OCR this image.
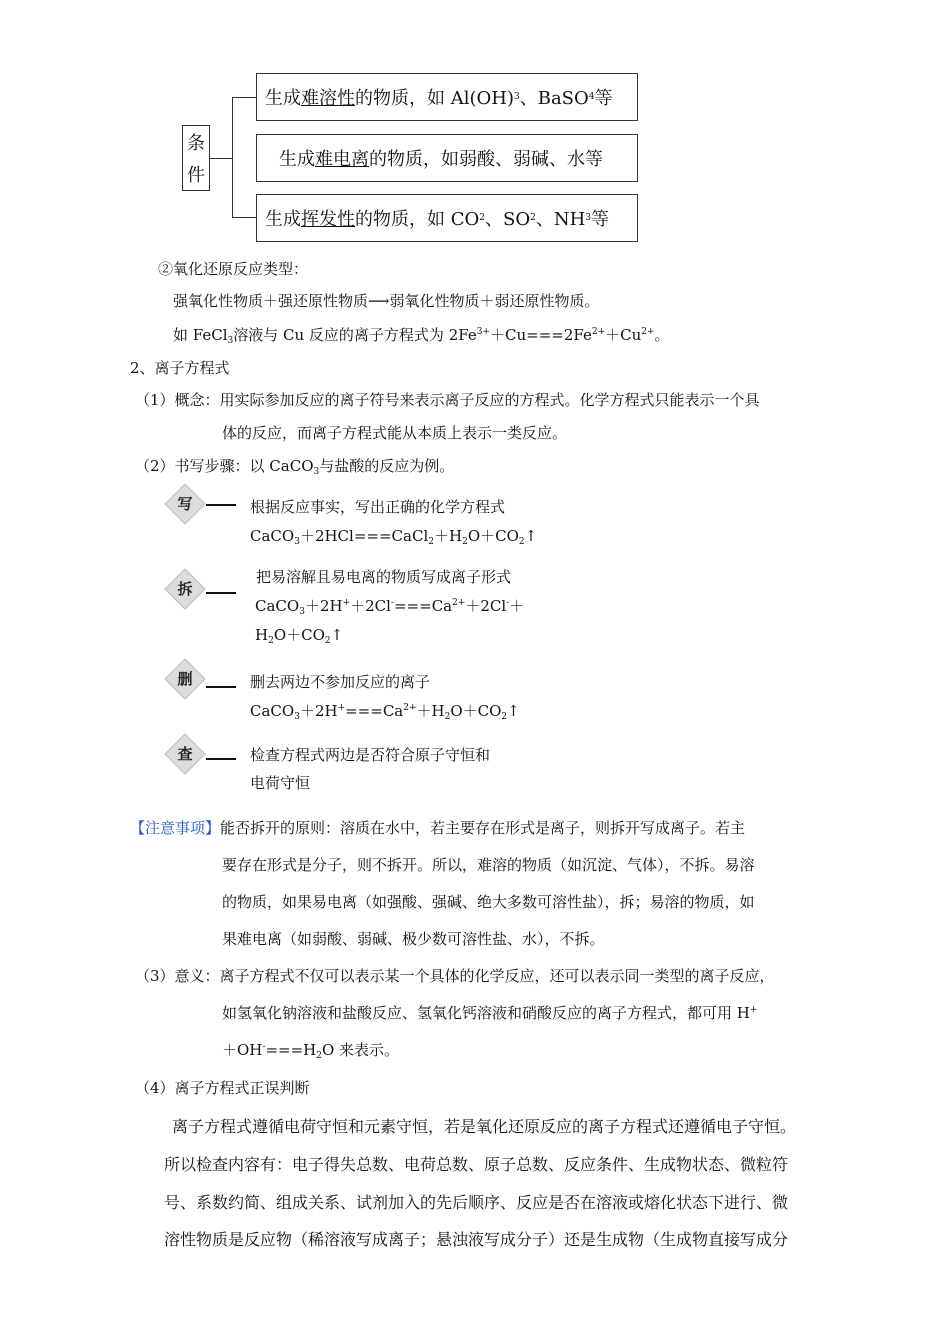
条
件
生成 难溶性 的物质，如 Al(OH) 3 、BaSO 4 等
生成 难电离 的物质，如弱酸、弱碱、水等
生成 挥发性 的物质，如 CO 2 、SO 2 、NH 3 等
②氧化还原反应类型：
强氧化性物质＋强还原性物质⟶弱氧化性物质＋弱还原性物质。
如 FeCl$_3$溶液与 Cu 反应的离子方程式为 $2Fe^{3+}+Cu===2Fe^{2+}+Cu^{2+}$。
2、离子方程式
（1）概念：用实际参加反应的离子符号来表示离子反应的方程式。化学方程式只能表示一个具
体的反应，而离子方程式能从本质上表示一类反应。
（2）书写步骤：以 CaCO$_3$与盐酸的反应为例。
写	根据反应事实，写出正确的化学方程式
$CaCO_3+2HCl===CaCl_2+H_2O+CO_2↑$
拆
把易溶解且易电离的物质写成离子形式
$CaCO_3+2H^++2Cl^-===Ca^{2+}+2Cl^-+$
$H_2O+CO_2↑$
删	删去两边不参加反应的离子
$CaCO_3+2H^+===Ca^{2+}+H_2O+CO_2↑$
查	检查方程式两边是否符合原子守恒和
电荷守恒
【注意事项】能否拆开的原则：溶质在水中，若主要存在形式是离子，则拆开写成离子。若主
要存在形式是分子，则不拆开。所以，难溶的物质（如沉淀、气体），不拆。易溶
的物质，如果易电离（如强酸、强碱、绝大多数可溶性盐），拆；易溶的物质，如
果难电离（如弱酸、弱碱、极少数可溶性盐、水），不拆。
（3）意义：离子方程式不仅可以表示某一个具体的化学反应，还可以表示同一类型的离子反应，
如氢氧化钠溶液和盐酸反应、氢氧化钙溶液和硝酸反应的离子方程式，都可用 H+
$+OH^-===H_2O$ 来表示。
（4）离子方程式正误判断
离子方程式遵循电荷守恒和元素守恒，若是氧化还原反应的离子方程式还遵循电子守恒。
所以检查内容有：电子得失总数、电荷总数、原子总数、反应条件、生成物状态、微粒符
号、系数约简、组成关系、试剂加入的先后顺序、反应是否在溶液或熔化状态下进行、微
溶性物质是反应物（稀溶液写成离子；悬浊液写成分子）还是生成物（生成物直接写成分
